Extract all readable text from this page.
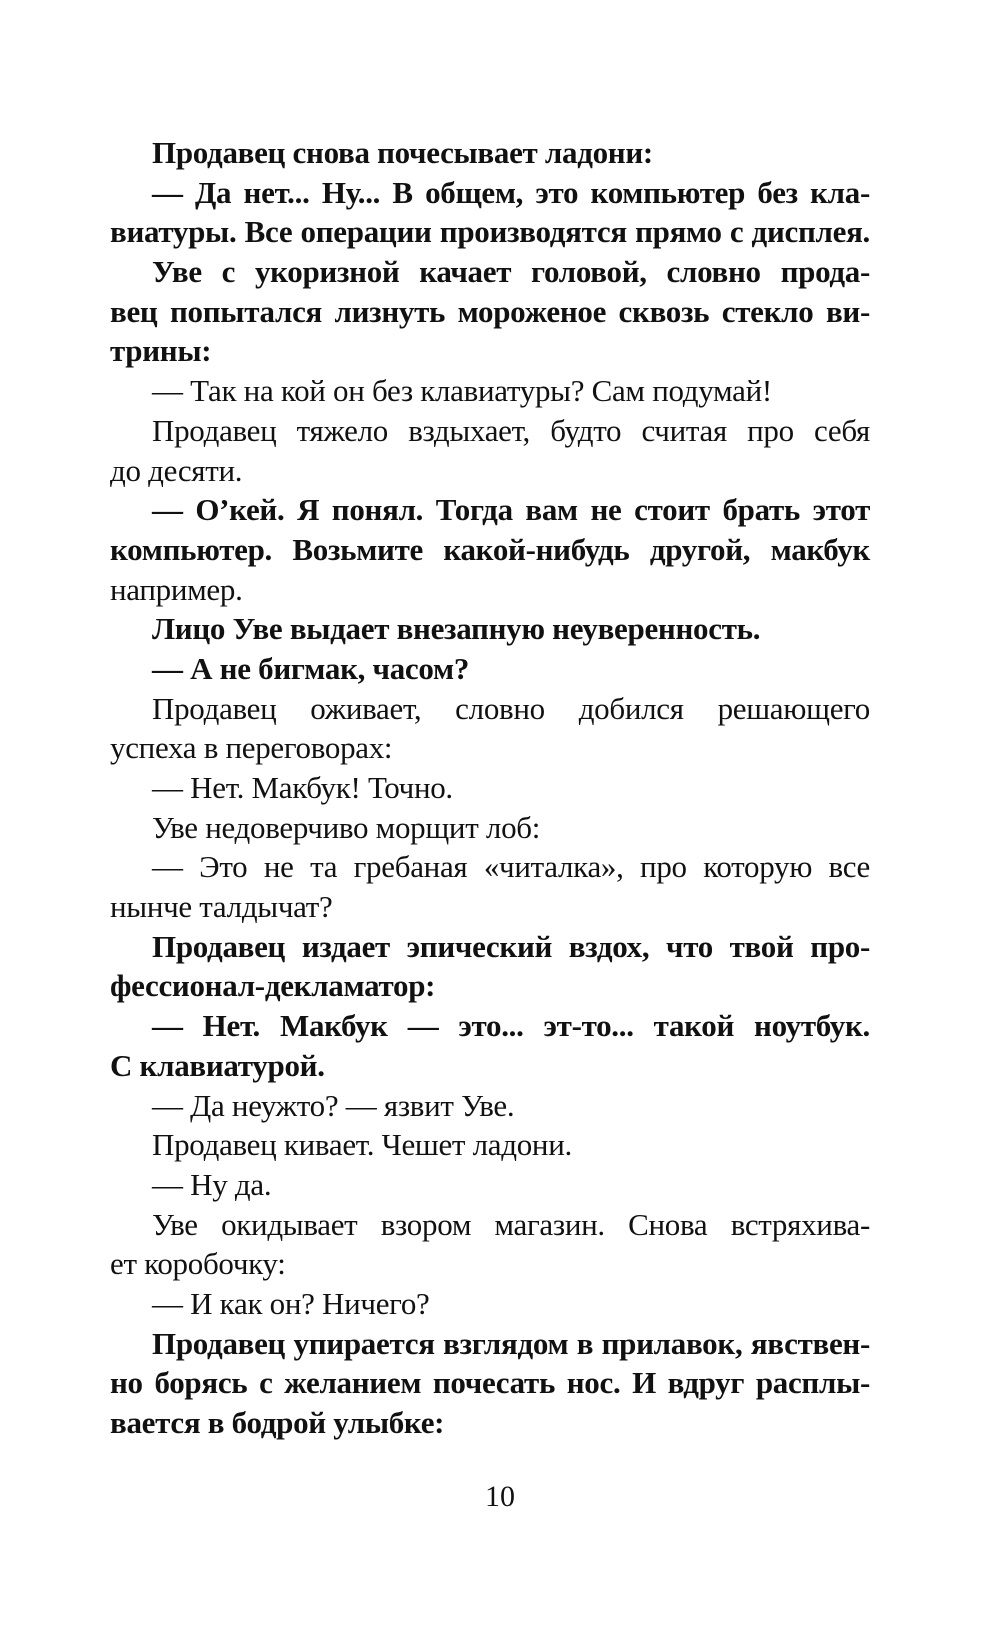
Продавец снова почесывает ладони:
— Да нет... Ну... В общем, это компьютер без кла-
виатуры. Все операции производятся прямо с дисплея.
Уве с укоризной качает головой, словно прода-
вец попытался лизнуть мороженое сквозь стекло ви-
трины:
— Так на кой он без клавиатуры? Сам подумай!
Продавец тяжело вздыхает, будто считая про себя
до десяти.
— О’кей. Я понял. Тогда вам не стоит брать этот
компьютер. Возьмите какой-нибудь другой, макбук
например.
Лицо Уве выдает внезапную неуверенность.
— А не бигмак, часом?
Продавец оживает, словно добился решающего
успеха в переговорах:
— Нет. Макбук! Точно.
Уве недоверчиво морщит лоб:
— Это не та гребаная «читалка», про которую все
нынче талдычат?
Продавец издает эпический вздох, что твой про-
фессионал-декламатор:
— Нет. Макбук — это... эт-то... такой ноутбук.
С клавиатурой.
— Да неужто? — язвит Уве.
Продавец кивает. Чешет ладони.
— Ну да.
Уве окидывает взором магазин. Снова встряхива-
ет коробочку:
— И как он? Ничего?
Продавец упирается взглядом в прилавок, явствен-
но борясь с желанием почесать нос. И вдруг расплы-
вается в бодрой улыбке:
10
